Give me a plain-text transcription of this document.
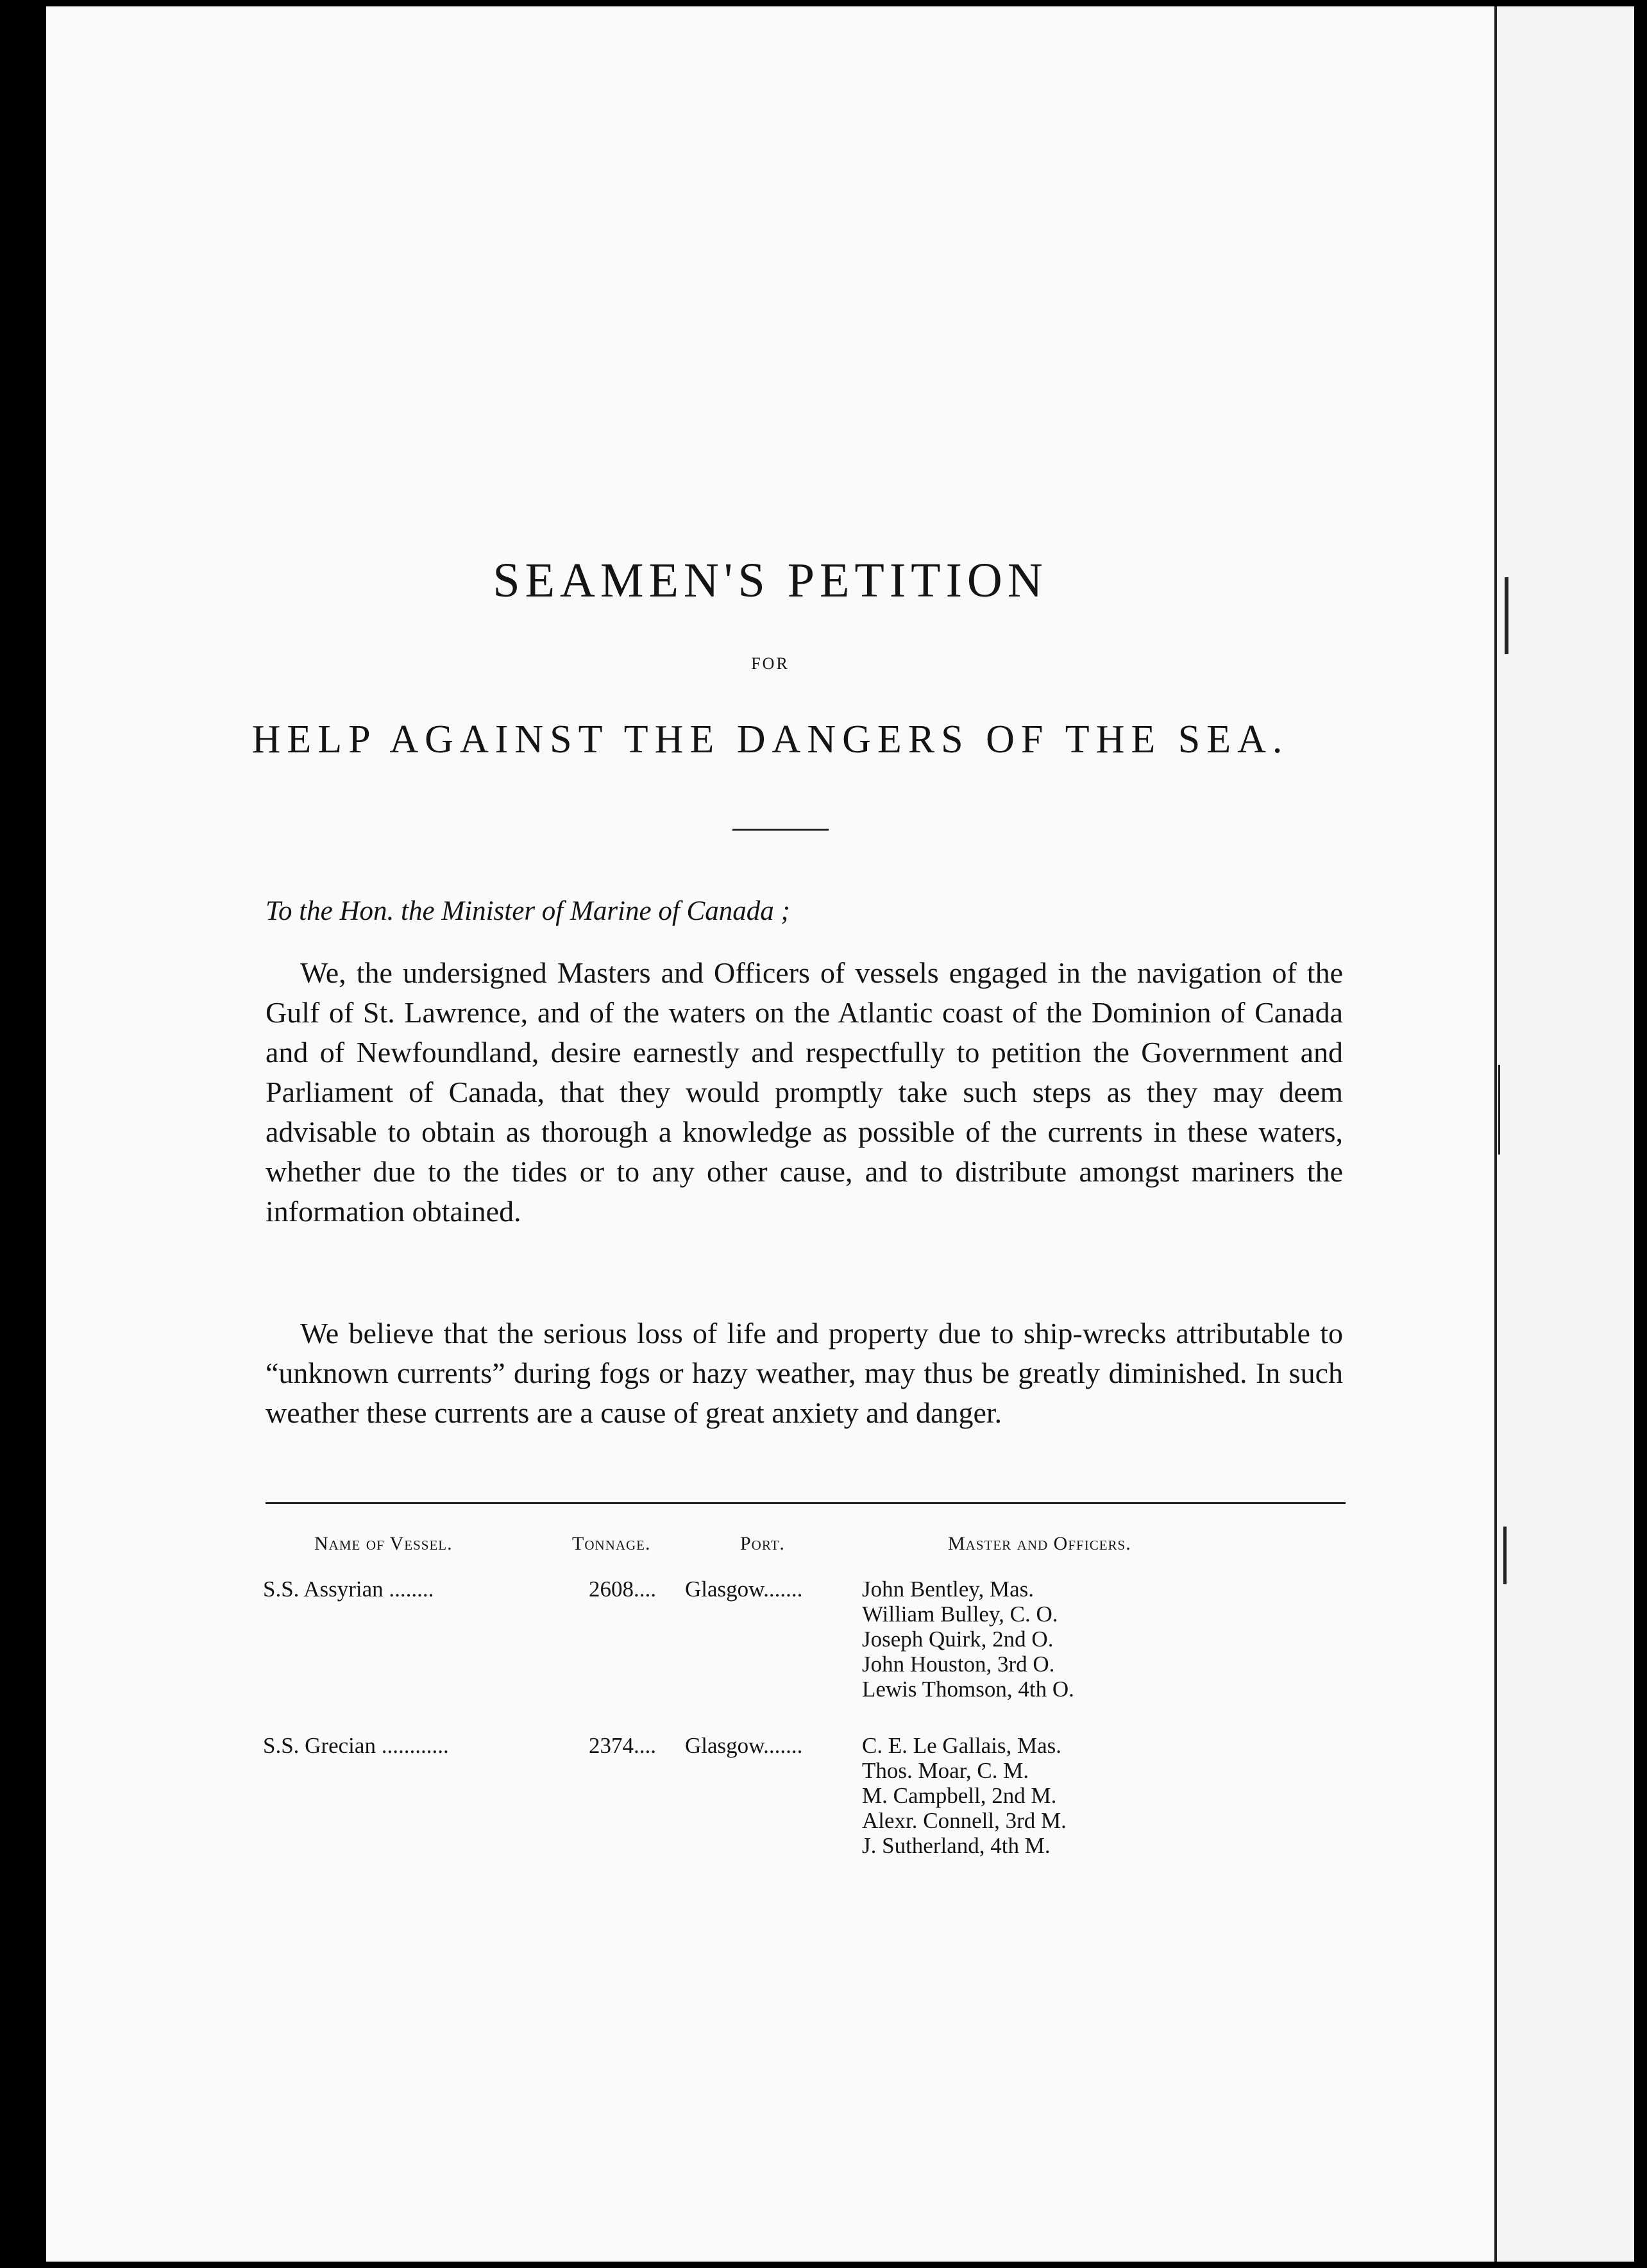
SEAMEN'S PETITION

FOR

HELP AGAINST THE DANGERS OF THE SEA.

To the Hon. the Minister of Marine of Canada ;

We, the undersigned Masters and Officers of vessels engaged in the navigation of the Gulf of St. Lawrence, and of the waters on the Atlantic coast of the Dominion of Canada and of Newfoundland, desire earnestly and respectfully to petition the Government and Parliament of Canada, that they would promptly take such steps as they may deem advisable to obtain as thorough a knowledge as possible of the currents in these waters, whether due to the tides or to any other cause, and to distribute amongst mariners the information obtained.

We believe that the serious loss of life and property due to ship-wrecks attributable to “unknown currents” during fogs or hazy weather, may thus be greatly diminished. In such weather these currents are a cause of great anxiety and danger.

Name of Vessel.	Tonnage.	Port.	Master and Officers.

S.S. Assyrian ........	2608.... Glasgow.......	John Bentley, Mas.
William Bulley, C. O.
Joseph Quirk, 2nd O.
John Houston, 3rd O.
Lewis Thomson, 4th O.

S.S. Grecian ............	2374.... Glasgow.......	C. E. Le Gallais, Mas.
Thos. Moar, C. M.
M. Campbell, 2nd M.
Alexr. Connell, 3rd M.
J. Sutherland, 4th M.
